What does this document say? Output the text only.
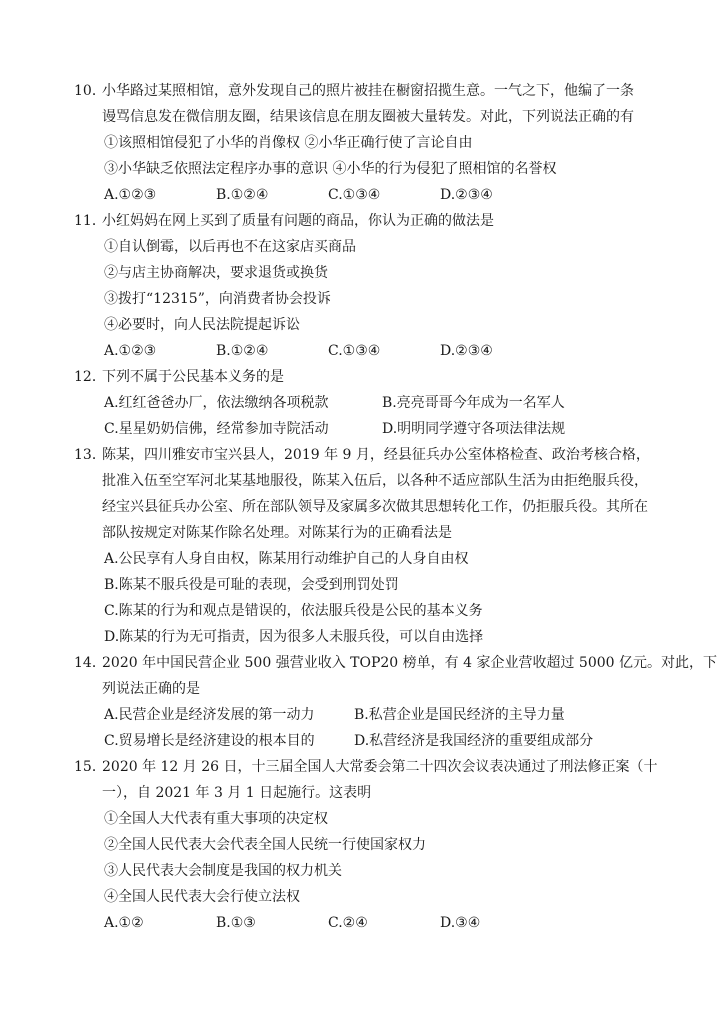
10．小华路过某照相馆，意外发现自己的照片被挂在橱窗招揽生意。一气之下，他编了一条
谩骂信息发在微信朋友圈，结果该信息在朋友圈被大量转发。对此，下列说法正确的有
①该照相馆侵犯了小华的肖像权 ②小华正确行使了言论自由
③小华缺乏依照法定程序办事的意识 ④小华的行为侵犯了照相馆的名誉权
A.①②③	B.①②④	C.①③④	D.②③④
11．小红妈妈在网上买到了质量有问题的商品，你认为正确的做法是
①自认倒霉，以后再也不在这家店买商品
②与店主协商解决，要求退货或换货
③拨打“12315”，向消费者协会投诉
④必要时，向人民法院提起诉讼
A.①②③	B.①②④	C.①③④	D.②③④
12．下列不属于公民基本义务的是
A.红红爸爸办厂，依法缴纳各项税款	B.亮亮哥哥今年成为一名军人
C.星星奶奶信佛，经常参加寺院活动	D.明明同学遵守各项法律法规
13．陈某，四川雅安市宝兴县人，2019 年 9 月，经县征兵办公室体格检查、政治考核合格，
批准入伍至空军河北某基地服役，陈某入伍后，以各种不适应部队生活为由拒绝服兵役，
经宝兴县征兵办公室、所在部队领导及家属多次做其思想转化工作，仍拒服兵役。其所在
部队按规定对陈某作除名处理。对陈某行为的正确看法是
A.公民享有人身自由权，陈某用行动维护自己的人身自由权
B.陈某不服兵役是可耻的表现，会受到刑罚处罚
C.陈某的行为和观点是错误的，依法服兵役是公民的基本义务
D.陈某的行为无可指责，因为很多人未服兵役，可以自由选择
14．2020 年中国民营企业 500 强营业收入 TOP20 榜单，有 4 家企业营收超过 5000 亿元。对此，下
列说法正确的是
A.民营企业是经济发展的第一动力	B.私营企业是国民经济的主导力量
C.贸易增长是经济建设的根本目的	D.私营经济是我国经济的重要组成部分
15．2020 年 12 月 26 日，十三届全国人大常委会第二十四次会议表决通过了刑法修正案（十
一），自 2021 年 3 月 1 日起施行。这表明
①全国人大代表有重大事项的决定权
②全国人民代表大会代表全国人民统一行使国家权力
③人民代表大会制度是我国的权力机关
④全国人民代表大会行使立法权
A.①②	B.①③	C.②④	D.③④
